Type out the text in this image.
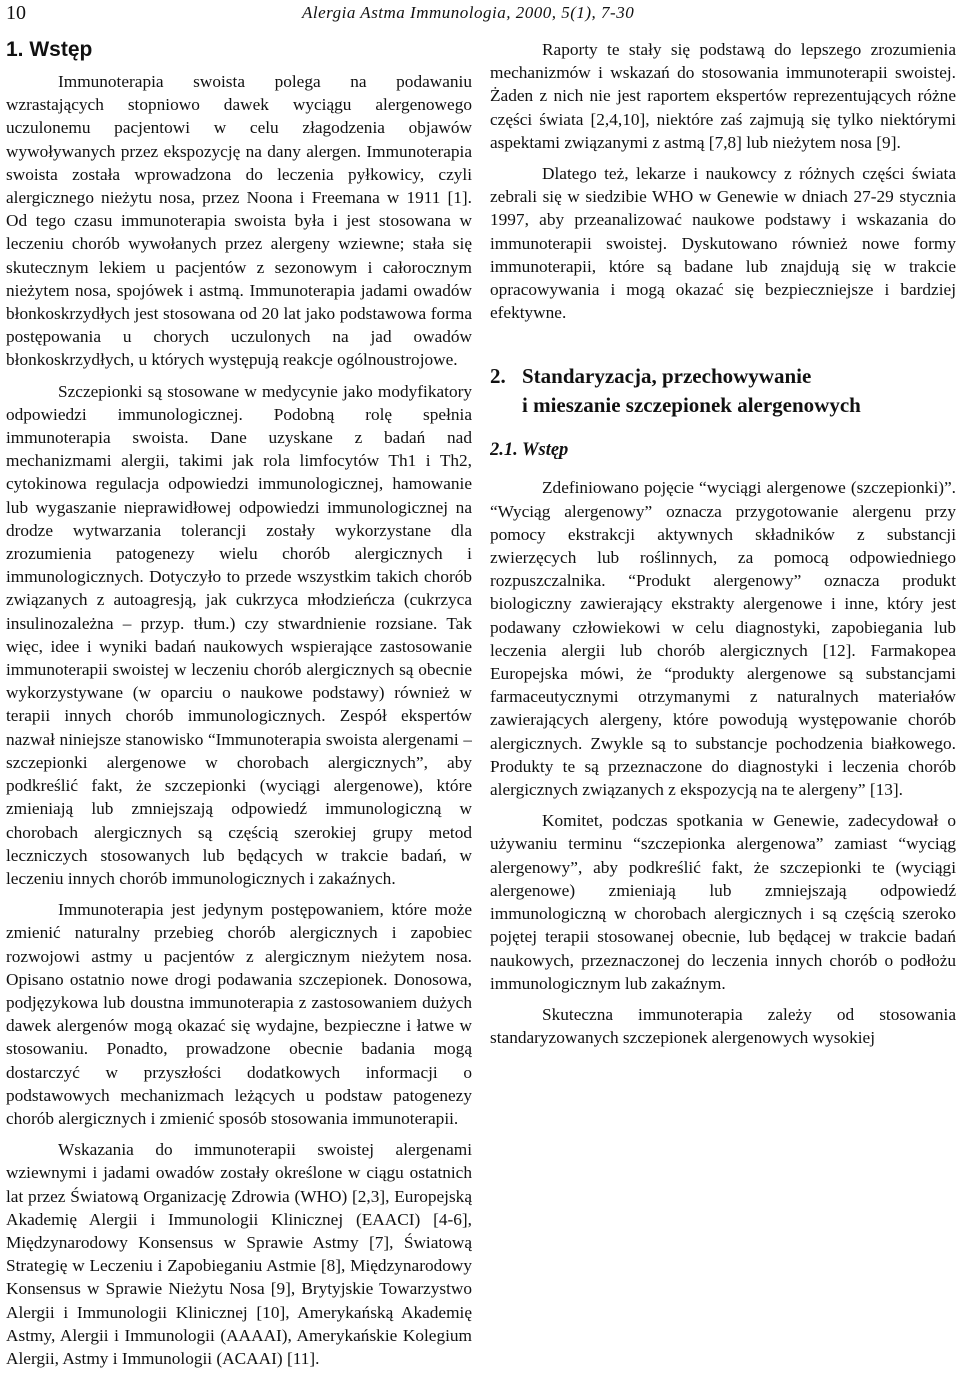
10	Alergia Astma Immunologia, 2000, 5(1), 7-30
1. Wstęp

Immunoterapia swoista polega na podawaniu wzrastających stopniowo dawek wyciągu alergenowego uczulonemu pacjentowi w celu złagodzenia objawów wywoływanych przez ekspozycję na dany alergen. Immunoterapia swoista została wprowadzona do leczenia pyłkowicy, czyli alergicznego nieżytu nosa, przez Noona i Freemana w 1911 [1]. Od tego czasu immunoterapia swoista była i jest stosowana w leczeniu chorób wywołanych przez alergeny wziewne; stała się skutecznym lekiem u pacjentów z sezonowym i całorocznym nieżytem nosa, spojówek i astmą. Immunoterapia jadami owadów błonkoskrzydłych jest stosowana od 20 lat jako podstawowa forma postępowania u chorych uczulonych na jad owadów błonkoskrzydłych, u których występują reakcje ogólnoustrojowe.

Szczepionki są stosowane w medycynie jako modyfikatory odpowiedzi immunologicznej. Podobną rolę spełnia immunoterapia swoista. Dane uzyskane z badań nad mechanizmami alergii, takimi jak rola limfocytów Th1 i Th2, cytokinowa regulacja odpowiedzi immunologicznej, hamowanie lub wygaszanie nieprawidłowej odpowiedzi immunologicznej na drodze wytwarzania tolerancji zostały wykorzystane dla zrozumienia patogenezy wielu chorób alergicznych i immunologicznych. Dotyczyło to przede wszystkim takich chorób związanych z autoagresją, jak cukrzyca młodzieńcza (cukrzyca insulinozależna – przyp. tłum.) czy stwardnienie rozsiane. Tak więc, idee i wyniki badań naukowych wspierające zastosowanie immunoterapii swoistej w leczeniu chorób alergicznych są obecnie wykorzystywane (w oparciu o naukowe podstawy) również w terapii innych chorób immunologicznych. Zespół ekspertów nazwał niniejsze stanowisko “Immunoterapia swoista alergenami – szczepionki alergenowe w chorobach alergicznych”, aby podkreślić fakt, że szczepionki (wyciągi alergenowe), które zmieniają lub zmniejszają odpowiedź immunologiczną w chorobach alergicznych są częścią szerokiej grupy metod leczniczych stosowanych lub będących w trakcie badań, w leczeniu innych chorób immunologicznych i zakaźnych.

Immunoterapia jest jedynym postępowaniem, które może zmienić naturalny przebieg chorób alergicznych i zapobiec rozwojowi astmy u pacjentów z alergicznym nieżytem nosa. Opisano ostatnio nowe drogi podawania szczepionek. Donosowa, podjęzykowa lub doustna immunoterapia z zastosowaniem dużych dawek alergenów mogą okazać się wydajne, bezpieczne i łatwe w stosowaniu. Ponadto, prowadzone obecnie badania mogą dostarczyć w przyszłości dodatkowych informacji o podstawowych mechanizmach leżących u podstaw patogenezy chorób alergicznych i zmienić sposób stosowania immunoterapii.

Wskazania do immunoterapii swoistej alergenami wziewnymi i jadami owadów zostały określone w ciągu ostatnich lat przez Światową Organizację Zdrowia (WHO) [2,3], Europejską Akademię Alergii i Immunologii Klinicznej (EAACI) [4-6], Międzynarodowy Konsensus w Sprawie Astmy [7], Światową Strategię w Leczeniu i Zapobieganiu Astmie [8], Międzynarodowy Konsensus w Sprawie Nieżytu Nosa [9], Brytyjskie Towarzystwo Alergii i Immunologii Klinicznej [10], Amerykańską Akademię Astmy, Alergii i Immunologii (AAAAI), Amerykańskie Kolegium Alergii, Astmy i Immunologii (ACAAI) [11].

Raporty te stały się podstawą do lepszego zrozumienia mechanizmów i wskazań do stosowania immunoterapii swoistej. Żaden z nich nie jest raportem ekspertów reprezentujących różne części świata [2,4,10], niektóre zaś zajmują się tylko niektórymi aspektami związanymi z astmą [7,8] lub nieżytem nosa [9].

Dlatego też, lekarze i naukowcy z różnych części świata zebrali się w siedzibie WHO w Genewie w dniach 27-29 stycznia 1997, aby przeanalizować naukowe podstawy i wskazania do immunoterapii swoistej. Dyskutowano również nowe formy immunoterapii, które są badane lub znajdują się w trakcie opracowywania i mogą okazać się bezpieczniejsze i bardziej efektywne.

2. Standaryzacja, przechowywanie
i mieszanie szczepionek alergenowych
2.1. Wstęp

Zdefiniowano pojęcie “wyciągi alergenowe (szczepionki)”. “Wyciąg alergenowy” oznacza przygotowanie alergenu przy pomocy ekstrakcji aktywnych składników z substancji zwierzęcych lub roślinnych, za pomocą odpowiedniego rozpuszczalnika. “Produkt alergenowy” oznacza produkt biologiczny zawierający ekstrakty alergenowe i inne, który jest podawany człowiekowi w celu diagnostyki, zapobiegania lub leczenia alergii lub chorób alergicznych [12]. Farmakopea Europejska mówi, że “produkty alergenowe są substancjami farmaceutycznymi otrzymanymi z naturalnych materiałów zawierających alergeny, które powodują występowanie chorób alergicznych. Zwykle są to substancje pochodzenia białkowego. Produkty te są przeznaczone do diagnostyki i leczenia chorób alergicznych związanych z ekspozycją na te alergeny” [13].

Komitet, podczas spotkania w Genewie, zadecydował o używaniu terminu “szczepionka alergenowa” zamiast “wyciąg alergenowy”, aby podkreślić fakt, że szczepionki te (wyciągi alergenowe) zmieniają lub zmniejszają odpowiedź immunologiczną w chorobach alergicznych i są częścią szeroko pojętej terapii stosowanej obecnie, lub będącej w trakcie badań naukowych, przeznaczonej do leczenia innych chorób o podłożu immunologicznym lub zakaźnym.

Skuteczna immunoterapia zależy od stosowania standaryzowanych szczepionek alergenowych wysokiej
